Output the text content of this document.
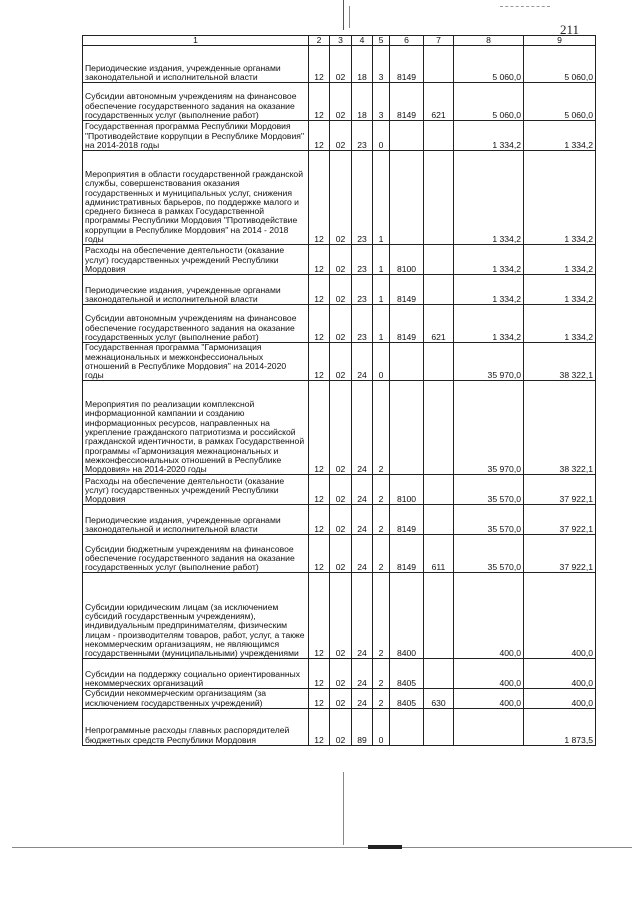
211
1	2	3	4	5	6	7	8	9
Периодические издания, учрежденные органами законодательной и исполнительной власти	12	02	18	3	8149		5 060,0	5 060,0
Субсидии автономным учреждениям на финансовое обеспечение государственного задания на оказание государственных услуг (выполнение работ)	12	02	18	3	8149	621	5 060,0	5 060,0
Государственная программа Республики Мордовия "Противодействие коррупции в Республике Мордовия" на 2014-2018 годы	12	02	23	0			1 334,2	1 334,2
Мероприятия в области государственной гражданской службы, совершенствования оказания государственных и муниципальных услуг, снижения административных барьеров, по поддержке малого и среднего бизнеса в рамках Государственной программы Республики Мордовия "Противодействие коррупции в Республике Мордовия" на 2014 - 2018 годы	12	02	23	1			1 334,2	1 334,2
Расходы на обеспечение деятельности (оказание услуг) государственных учреждений Республики Мордовия	12	02	23	1	8100		1 334,2	1 334,2
Периодические издания, учрежденные органами законодательной и исполнительной власти	12	02	23	1	8149		1 334,2	1 334,2
Субсидии автономным учреждениям на финансовое обеспечение государственного задания на оказание государственных услуг (выполнение работ)	12	02	23	1	8149	621	1 334,2	1 334,2
Государственная программа "Гармонизация межнациональных и межконфессиональных отношений в Республике Мордовия" на 2014-2020 годы	12	02	24	0			35 970,0	38 322,1
Мероприятия по реализации комплексной информационной кампании и созданию информационных ресурсов, направленных на укрепление гражданского патриотизма и российской гражданской идентичности, в рамках Государственной программы «Гармонизация межнациональных и межконфессиональных отношений в Республике Мордовия» на 2014-2020 годы	12	02	24	2			35 970,0	38 322,1
Расходы на обеспечение деятельности (оказание услуг) государственных учреждений Республики Мордовия	12	02	24	2	8100		35 570,0	37 922,1
Периодические издания, учрежденные органами законодательной и исполнительной власти	12	02	24	2	8149		35 570,0	37 922,1
Субсидии бюджетным учреждениям на финансовое обеспечение государственного задания на оказание государственных услуг (выполнение работ)	12	02	24	2	8149	611	35 570,0	37 922,1
Субсидии юридическим лицам (за исключением субсидий государственным учреждениям), индивидуальным предпринимателям, физическим лицам - производителям товаров, работ, услуг, а также некоммерческим организациям, не являющимся государственными (муниципальными) учреждениями	12	02	24	2	8400		400,0	400,0
Субсидии на поддержку социально ориентированных некоммерческих организаций	12	02	24	2	8405		400,0	400,0
Субсидии некоммерческим организациям (за исключением государственных учреждений)	12	02	24	2	8405	630	400,0	400,0
Непрограммные расходы главных распорядителей бюджетных средств Республики Мордовия	12	02	89	0				1 873,5
